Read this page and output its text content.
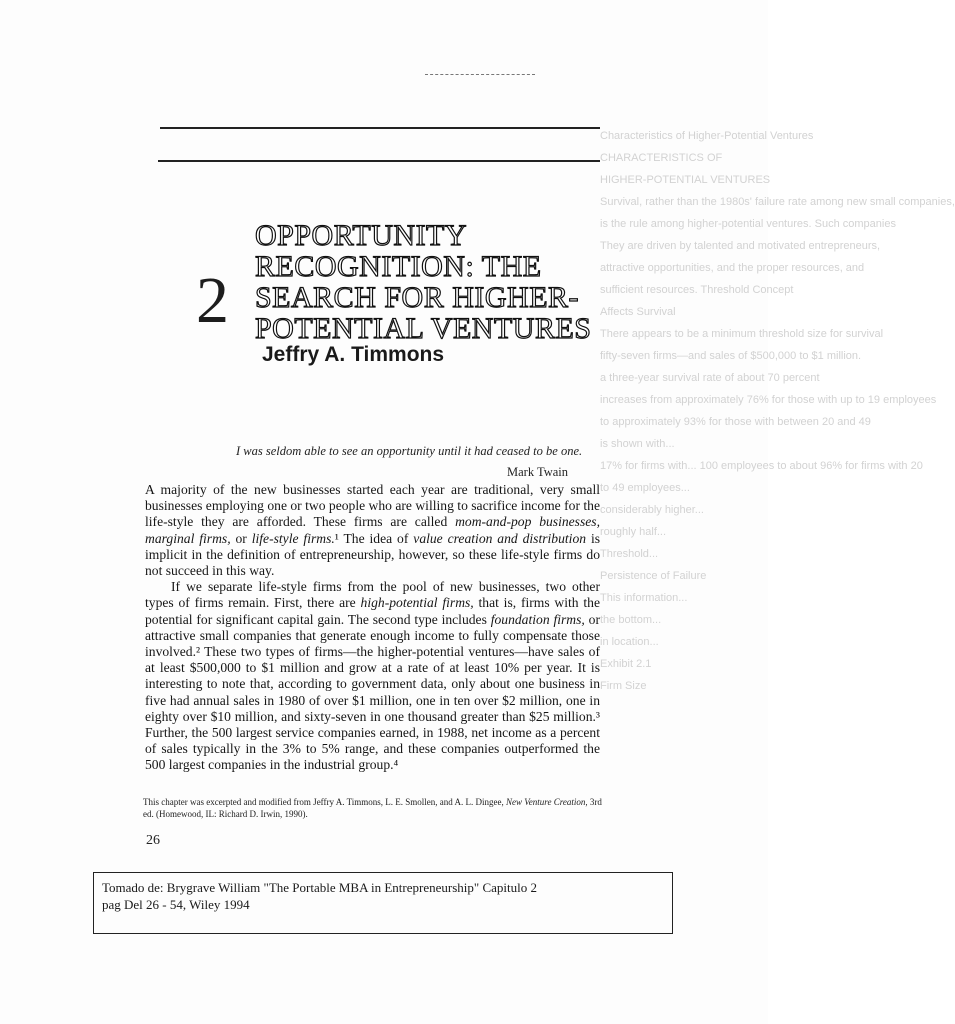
Characteristics of Higher-Potential Ventures
CHARACTERISTICS OF
HIGHER-POTENTIAL VENTURES
Survival, rather than the 1980s' failure rate among new small companies,
is the rule among higher-potential ventures. Such companies
They are driven by talented and motivated entrepreneurs,
attractive opportunities, and the proper resources, and
sufficient resources. Threshold Concept
Affects Survival
There appears to be a minimum threshold size for survival
fifty-seven firms—and sales of $500,000 to $1 million.
a three-year survival rate of about 70 percent
increases from approximately 76% for those with up to 19 employees
to approximately 93% for those with between 20 and 49
is shown with...
17% for firms with... 100 employees to about 96% for firms with 20
to 49 employees...
considerably higher...
roughly half...
Threshold...
Persistence of Failure
This information...
the bottom...
in location...
Exhibit 2.1
Firm Size
2
OPPORTUNITY
RECOGNITION: THE
SEARCH FOR HIGHER-
POTENTIAL VENTURES
Jeffry A. Timmons
I was seldom able to see an opportunity until it had ceased to be one.
Mark Twain

A majority of the new businesses started each year are traditional, very small businesses employing one or two people who are willing to sacrifice income for the life-style they are afforded. These firms are called mom-and-pop businesses, marginal firms, or life-style firms.¹ The idea of value creation and distribution is implicit in the definition of entrepreneurship, however, so these life-style firms do not succeed in this way.

If we separate life-style firms from the pool of new businesses, two other types of firms remain. First, there are high-potential firms, that is, firms with the potential for significant capital gain. The second type includes foundation firms, or attractive small companies that generate enough income to fully compensate those involved.² These two types of firms—the higher-potential ventures—have sales of at least $500,000 to $1 million and grow at a rate of at least 10% per year. It is interesting to note that, according to government data, only about one business in five had annual sales in 1980 of over $1 million, one in ten over $2 million, one in eighty over $10 million, and sixty-seven in one thousand greater than $25 million.³ Further, the 500 largest service companies earned, in 1988, net income as a percent of sales typically in the 3% to 5% range, and these companies outperformed the 500 largest companies in the industrial group.⁴

This chapter was excerpted and modified from Jeffry A. Timmons, L. E. Smollen, and A. L. Dingee, New Venture Creation, 3rd ed. (Homewood, IL: Richard D. Irwin, 1990).
26
Tomado de: Brygrave William "The Portable MBA in Entrepreneurship" Capitulo 2
pag Del 26 - 54, Wiley 1994
